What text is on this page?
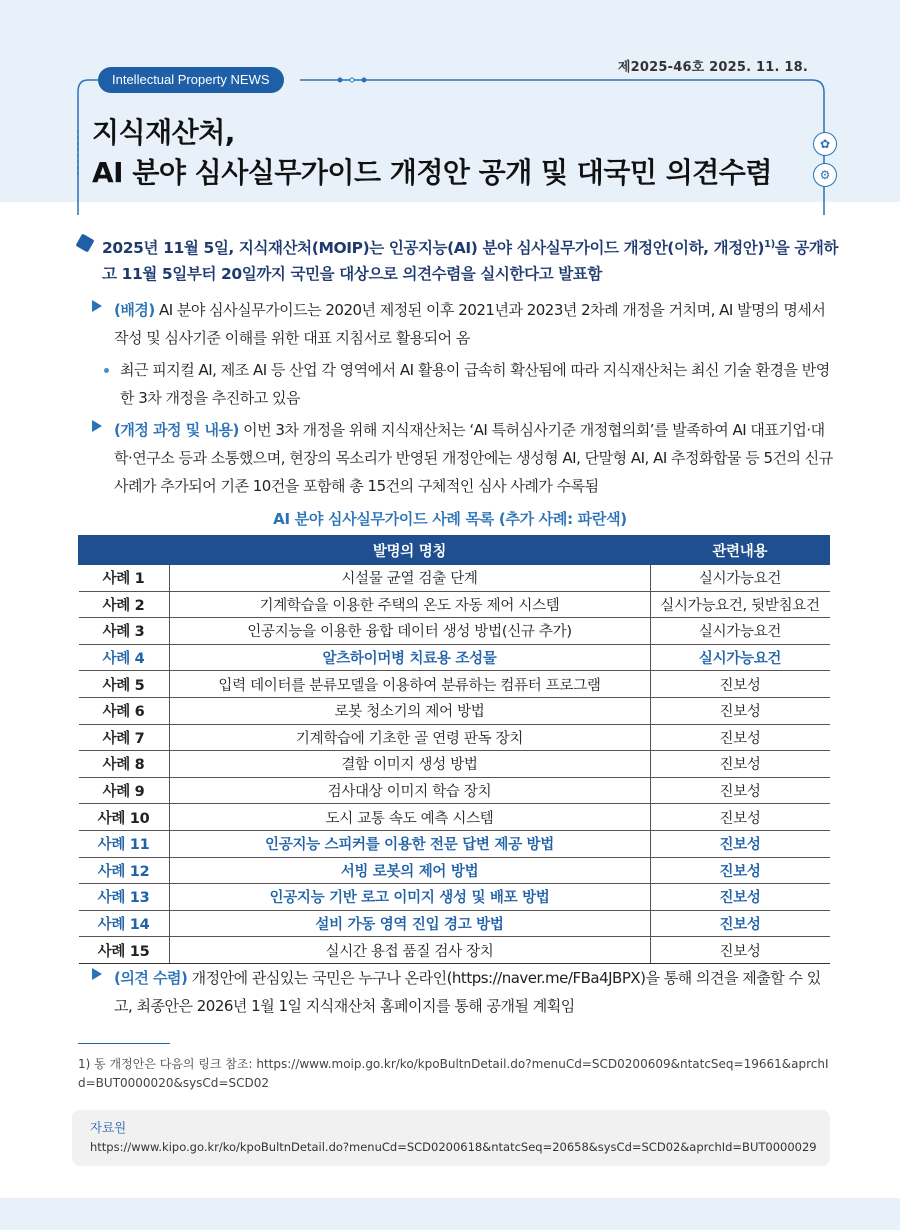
제2025-46호 2025. 11. 18.
Intellectual Property NEWS
지식재산처,
AI 분야 심사실무가이드 개정안 공개 및 대국민 의견수렴
✿
⚙

2025년 11월 5일, 지식재산처(MOIP)는 인공지능(AI) 분야 심사실무가이드 개정안(이하, 개정안)$^{1)}$을 공개하고 11월 5일부터 20일까지 국민을 대상으로 의견수렴을 실시한다고 발표함

(배경) AI 분야 심사실무가이드는 2020년 제정된 이후 2021년과 2023년 2차례 개정을 거치며, AI 발명의 명세서 작성 및 심사기준 이해를 위한 대표 지침서로 활용되어 옴

최근 피지컬 AI, 제조 AI 등 산업 각 영역에서 AI 활용이 급속히 확산됨에 따라 지식재산처는 최신 기술 환경을 반영한 3차 개정을 추진하고 있음

(개정 과정 및 내용) 이번 3차 개정을 위해 지식재산처는 ‘AI 특허심사기준 개정협의회’를 발족하여 AI 대표기업·대학·연구소 등과 소통했으며, 현장의 목소리가 반영된 개정안에는 생성형 AI, 단말형 AI, AI 추정화합물 등 5건의 신규 사례가 추가되어 기존 10건을 포함해 총 15건의 구체적인 심사 사례가 수록됨

AI 분야 심사실무가이드 사례 목록 (추가 사례: 파란색)
	발명의 명칭	관련내용
사례 1	시설물 균열 검출 단계	실시가능요건
사례 2	기계학습을 이용한 주택의 온도 자동 제어 시스템	실시가능요건, 뒷받침요건
사례 3	인공지능을 이용한 융합 데이터 생성 방법(신규 추가)	실시가능요건
사례 4	알츠하이머병 치료용 조성물	실시가능요건
사례 5	입력 데이터를 분류모델을 이용하여 분류하는 컴퓨터 프로그램	진보성
사례 6	로봇 청소기의 제어 방법	진보성
사례 7	기계학습에 기초한 골 연령 판독 장치	진보성
사례 8	결함 이미지 생성 방법	진보성
사례 9	검사대상 이미지 학습 장치	진보성
사례 10	도시 교통 속도 예측 시스템	진보성
사례 11	인공지능 스피커를 이용한 전문 답변 제공 방법	진보성
사례 12	서빙 로봇의 제어 방법	진보성
사례 13	인공지능 기반 로고 이미지 생성 및 배포 방법	진보성
사례 14	설비 가동 영역 진입 경고 방법	진보성
사례 15	실시간 용접 품질 검사 장치	진보성

(의견 수렴) 개정안에 관심있는 국민은 누구나 온라인(https://naver.me/FBa4JBPX)을 통해 의견을 제출할 수 있고, 최종안은 2026년 1월 1일 지식재산처 홈페이지를 통해 공개될 계획임

1) 동 개정안은 다음의 링크 참조: https://www.moip.go.kr/ko/kpoBultnDetail.do?menuCd=SCD0200609&ntatcSeq=19661&aprchId=BUT0000020&sysCd=SCD02
자료원
https://www.kipo.go.kr/ko/kpoBultnDetail.do?menuCd=SCD0200618&ntatcSeq=20658&sysCd=SCD02&aprchId=BUT0000029
